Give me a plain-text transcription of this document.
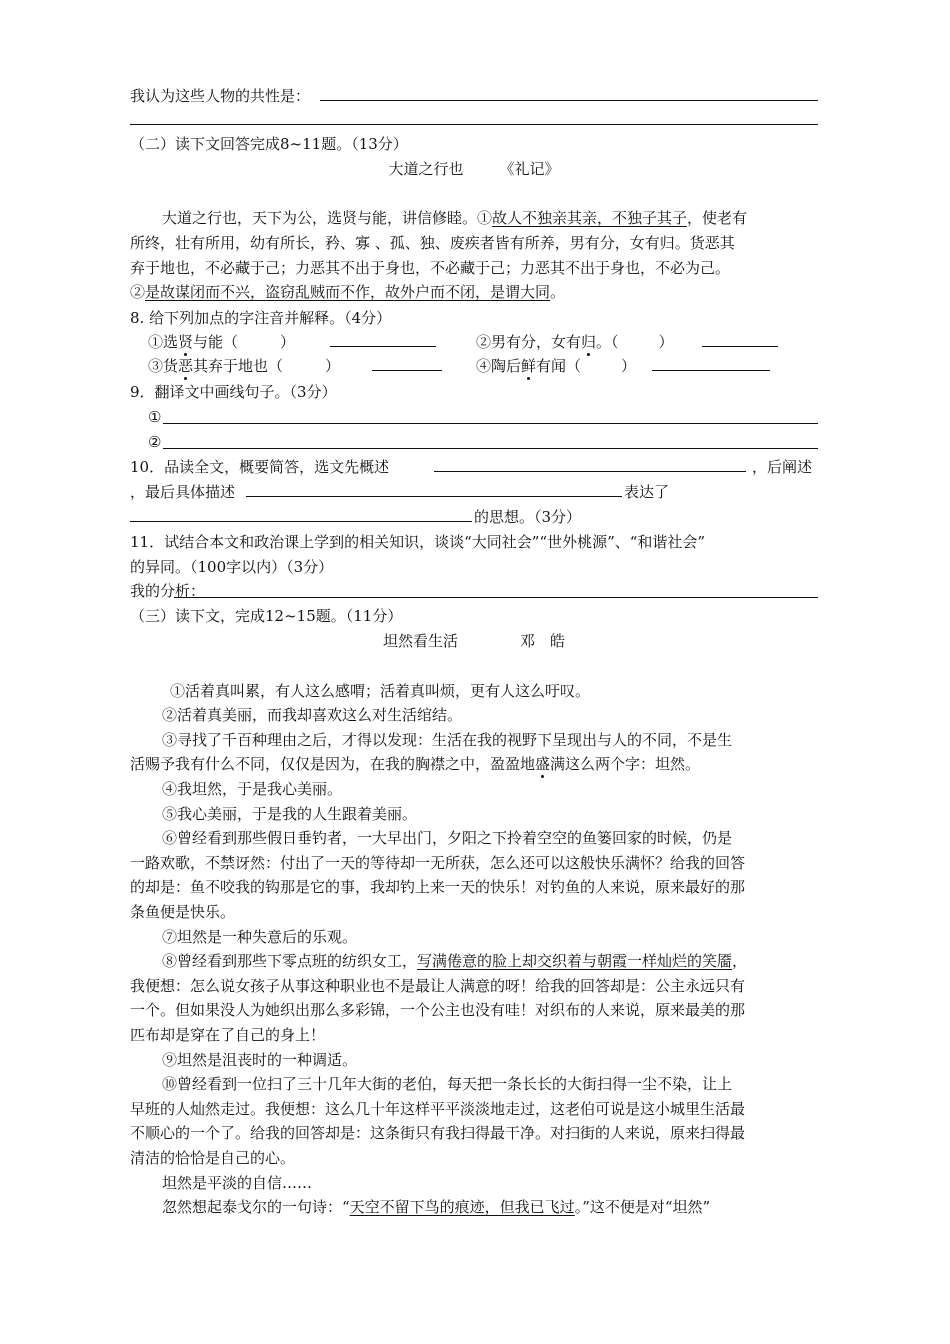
我认为这些人物的共性是：
（二）读下文回答完成8~11题。（13分）
大道之行也 《礼记》
大道之行也，天下为公，选贤与能，讲信修睦。①故人不独亲其亲，不独子其子，使老有
所终，壮有所用，幼有所长，矜、寡 、孤、独、废疾者皆有所养，男有分，女有归。货恶其
弃于地也，不必藏于己；力恶其不出于身也，不必藏于己；力恶其不出于身也，不必为己。
②是故谋闭而不兴，盗窃乱贼而不作，故外户而不闭，是谓大同。
8. 给下列加点的字注音并解释。（4分）
①选贤与能（	）	②男有分，女有归。（	）
③货恶其弃于地也（	）	④陶后鲜有闻（	）
9．翻译文中画线句子。（3分）
①
②
10．品读全文，概要简答，选文先概述	，后阐述
，最后具体描述	表达了
的思想。（3分）
11．试结合本文和政治课上学到的相关知识，谈谈“大同社会”“世外桃源”、“和谐社会”
的异同。（100字以内）（3分）
我的分析：
（三）读下文，完成12~15题。（11分）
坦然看生活	邓　皓
①活着真叫累，有人这么感喟；活着真叫烦，更有人这么吁叹。
②活着真美丽，而我却喜欢这么对生活绾结。
③寻找了千百种理由之后，才得以发现：生活在我的视野下呈现出与人的不同，不是生
活赐予我有什么不同，仅仅是因为，在我的胸襟之中，盈盈地盛满这么两个字：坦然。
④我坦然，于是我心美丽。
⑤我心美丽，于是我的人生跟着美丽。
⑥曾经看到那些假日垂钓者，一大早出门，夕阳之下拎着空空的鱼篓回家的时候，仍是
一路欢歌，不禁讶然：付出了一天的等待却一无所获，怎么还可以这般快乐满怀？给我的回答
的却是：鱼不咬我的钩那是它的事，我却钓上来一天的快乐！对钓鱼的人来说，原来最好的那
条鱼便是快乐。
⑦坦然是一种失意后的乐观。
⑧曾经看到那些下零点班的纺织女工，写满倦意的脸上却交织着与朝霞一样灿烂的笑靥，
我便想：怎么说女孩子从事这种职业也不是最让人满意的呀！给我的回答却是：公主永远只有
一个。但如果没人为她织出那么多彩锦，一个公主也没有哇！对织布的人来说，原来最美的那
匹布却是穿在了自己的身上！
⑨坦然是沮丧时的一种调适。
⑩曾经看到一位扫了三十几年大街的老伯，每天把一条长长的大街扫得一尘不染，让上
早班的人灿然走过。我便想：这么几十年这样平平淡淡地走过，这老伯可说是这小城里生活最
不顺心的一个了。给我的回答却是：这条街只有我扫得最干净。对扫街的人来说，原来扫得最
清洁的恰恰是自己的心。
坦然是平淡的自信……
忽然想起泰戈尔的一句诗：“天空不留下鸟的痕迹，但我已飞过。”这不便是对“坦然”
